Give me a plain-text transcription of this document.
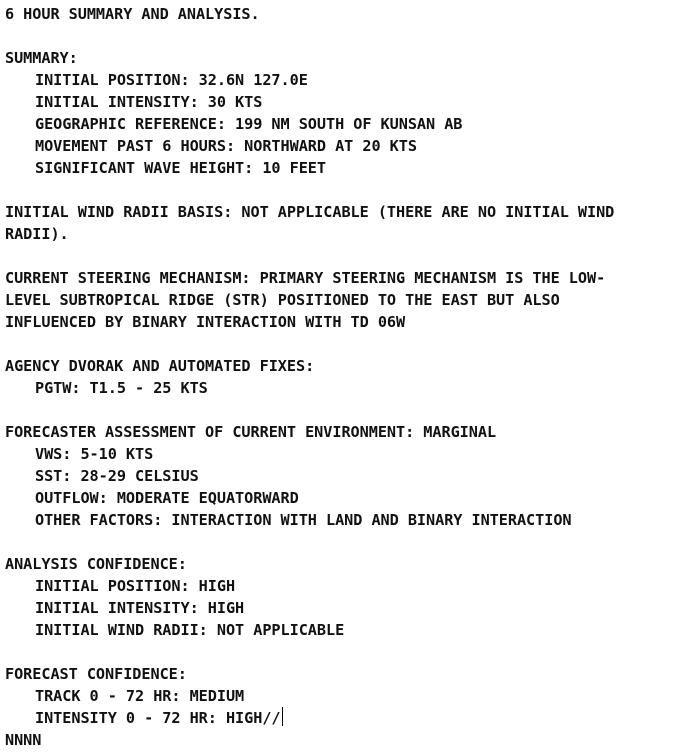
6 HOUR SUMMARY AND ANALYSIS.
SUMMARY:
INITIAL POSITION: 32.6N 127.0E
INITIAL INTENSITY: 30 KTS
GEOGRAPHIC REFERENCE: 199 NM SOUTH OF KUNSAN AB
MOVEMENT PAST 6 HOURS: NORTHWARD AT 20 KTS
SIGNIFICANT WAVE HEIGHT: 10 FEET
INITIAL WIND RADII BASIS: NOT APPLICABLE (THERE ARE NO INITIAL WIND
RADII).
CURRENT STEERING MECHANISM: PRIMARY STEERING MECHANISM IS THE LOW-
LEVEL SUBTROPICAL RIDGE (STR) POSITIONED TO THE EAST BUT ALSO
INFLUENCED BY BINARY INTERACTION WITH TD 06W
AGENCY DVORAK AND AUTOMATED FIXES:
PGTW: T1.5 - 25 KTS
FORECASTER ASSESSMENT OF CURRENT ENVIRONMENT: MARGINAL
VWS: 5-10 KTS
SST: 28-29 CELSIUS
OUTFLOW: MODERATE EQUATORWARD
OTHER FACTORS: INTERACTION WITH LAND AND BINARY INTERACTION
ANALYSIS CONFIDENCE:
INITIAL POSITION: HIGH
INITIAL INTENSITY: HIGH
INITIAL WIND RADII: NOT APPLICABLE
FORECAST CONFIDENCE:
TRACK 0 - 72 HR: MEDIUM
INTENSITY 0 - 72 HR: HIGH//
NNNN
